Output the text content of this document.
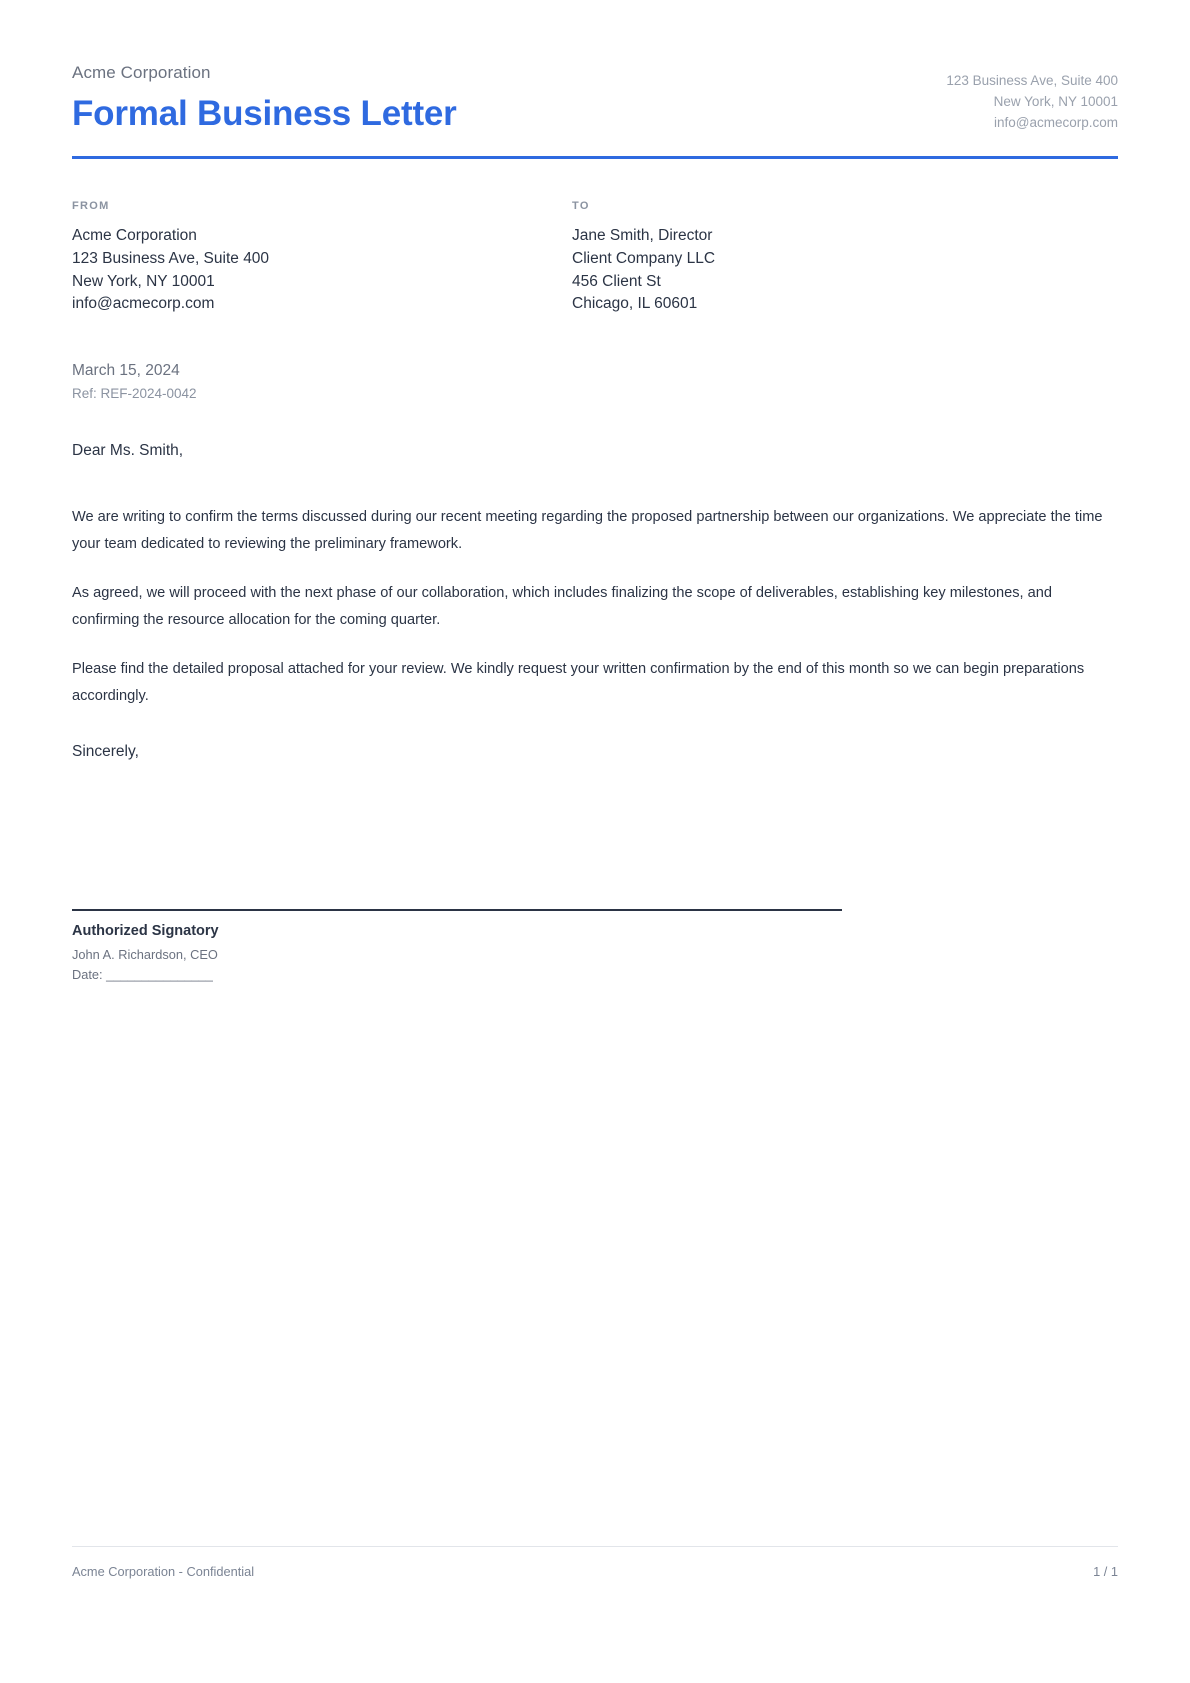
Acme Corporation
Formal Business Letter
123 Business Ave, Suite 400
New York, NY 10001
info@acmecorp.com
FROM
Acme Corporation
123 Business Ave, Suite 400
New York, NY 10001
info@acmecorp.com
TO
Jane Smith, Director
Client Company LLC
456 Client St
Chicago, IL 60601
March 15, 2024
Ref: REF-2024-0042
Dear Ms. Smith,

We are writing to confirm the terms discussed during our recent meeting regarding the proposed partnership between our organizations. We appreciate the time your team dedicated to reviewing the preliminary framework.

As agreed, we will proceed with the next phase of our collaboration, which includes finalizing the scope of deliverables, establishing key milestones, and confirming the resource allocation for the coming quarter.

Please find the detailed proposal attached for your review. We kindly request your written confirmation by the end of this month so we can begin preparations accordingly.

Sincerely,
Authorized Signatory
John A. Richardson, CEO
Date: _______________
Acme Corporation - Confidential	1 / 1
